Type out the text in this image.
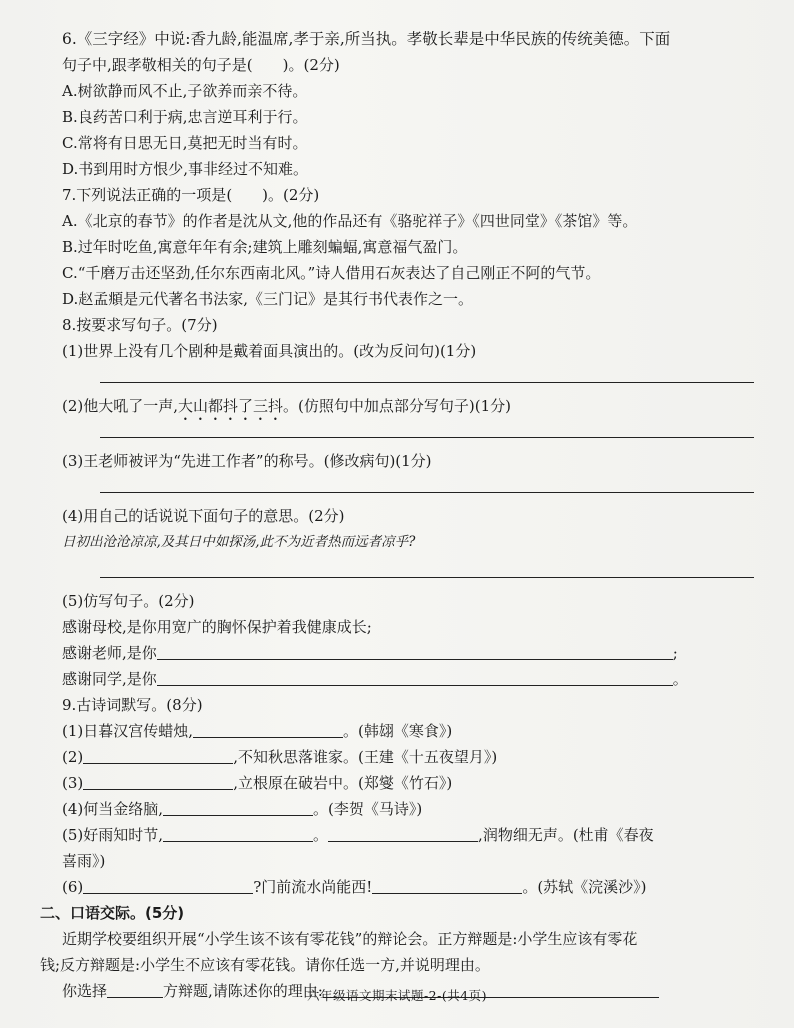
6.《三字经》中说:香九龄,能温席,孝于亲,所当执。孝敬长辈是中华民族的传统美德。下面
句子中,跟孝敬相关的句子是( )。(2分)
A.树欲静而风不止,子欲养而亲不待。
B.良药苦口利于病,忠言逆耳利于行。
C.常将有日思无日,莫把无时当有时。
D.书到用时方恨少,事非经过不知难。
7.下列说法正确的一项是( )。(2分)
A.《北京的春节》的作者是沈从文,他的作品还有《骆驼祥子》《四世同堂》《茶馆》等。
B.过年时吃鱼,寓意年年有余;建筑上雕刻蝙蝠,寓意福气盈门。
C.“千磨万击还坚劲,任尔东西南北风。”诗人借用石灰表达了自己刚正不阿的气节。
D.赵孟頫是元代著名书法家,《三门记》是其行书代表作之一。
8.按要求写句子。(7分)
(1)世界上没有几个剧种是戴着面具演出的。(改为反问句)(1分)
(2)他大吼了一声,大山都抖了三抖。(仿照句中加点部分写句子)(1分)
(3)王老师被评为“先进工作者”的称号。(修改病句)(1分)
(4)用自己的话说说下面句子的意思。(2分)
日初出沧沧凉凉,及其日中如探汤,此不为近者热而远者凉乎?
(5)仿写句子。(2分)
感谢母校,是你用宽广的胸怀保护着我健康成长;
感谢老师,是你	;
感谢同学,是你	。
9.古诗词默写。(8分)
(1)日暮汉宫传蜡烛,	。(韩翃《寒食》)
(2)	,不知秋思落谁家。(王建《十五夜望月》)
(3)	,立根原在破岩中。(郑燮《竹石》)
(4)何当金络脑,	。(李贺《马诗》)
(5)好雨知时节,	。	,润物细无声。(杜甫《春夜
喜雨》)
(6)	?门前流水尚能西!	。(苏轼《浣溪沙》)
二、口语交际。(5分)
近期学校要组织开展“小学生该不该有零花钱”的辩论会。正方辩题是:小学生应该有零花
钱;反方辩题是:小学生不应该有零花钱。请你任选一方,并说明理由。
你选择	方辩题,请陈述你的理由:
六年级语文期末试题-2-(共4页)
